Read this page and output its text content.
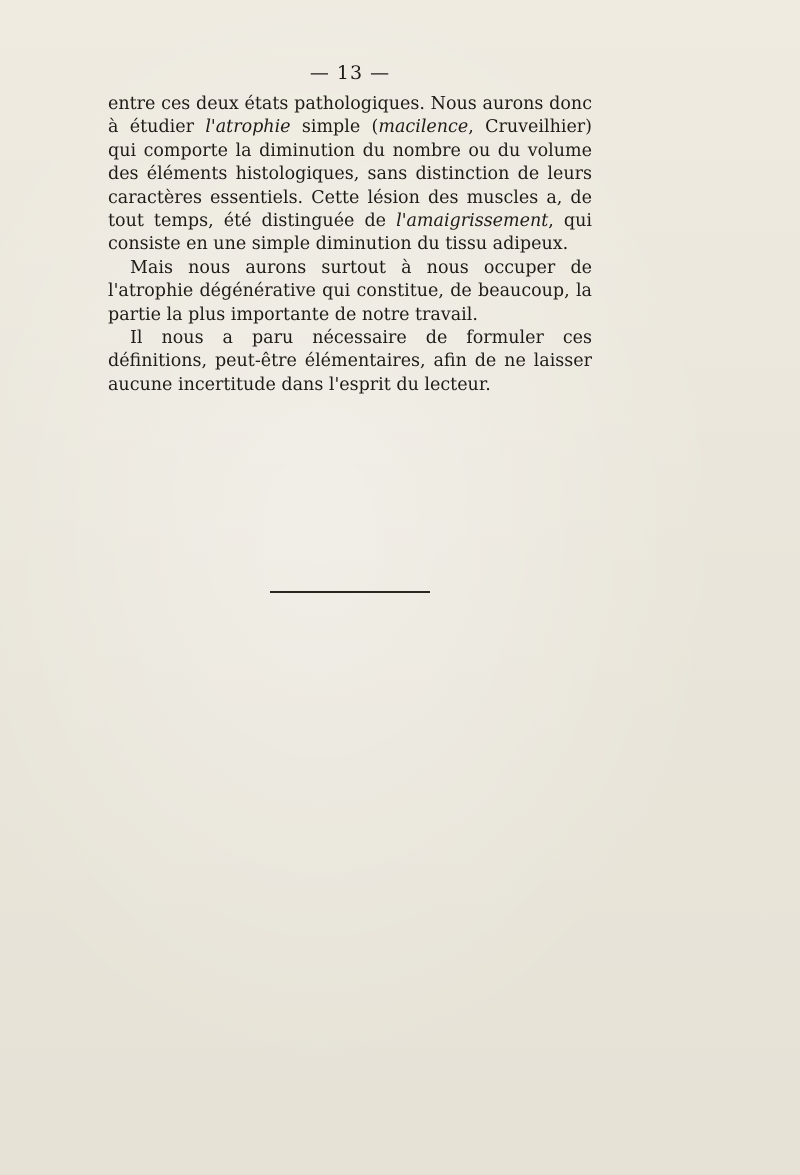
— 13 —

entre ces deux états pathologiques. Nous aurons donc à étudier l'atrophie simple (macilence, Cruveilhier) qui comporte la diminution du nombre ou du volume des éléments histologiques, sans distinction de leurs caractères essentiels. Cette lésion des muscles a, de tout temps, été distinguée de l'amaigrissement, qui consiste en une simple diminution du tissu adipeux.

Mais nous aurons surtout à nous occuper de l'atrophie dégénérative qui constitue, de beaucoup, la partie la plus importante de notre travail.

Il nous a paru nécessaire de formuler ces définitions, peut-être élémentaires, afin de ne laisser aucune incertitude dans l'esprit du lecteur.
